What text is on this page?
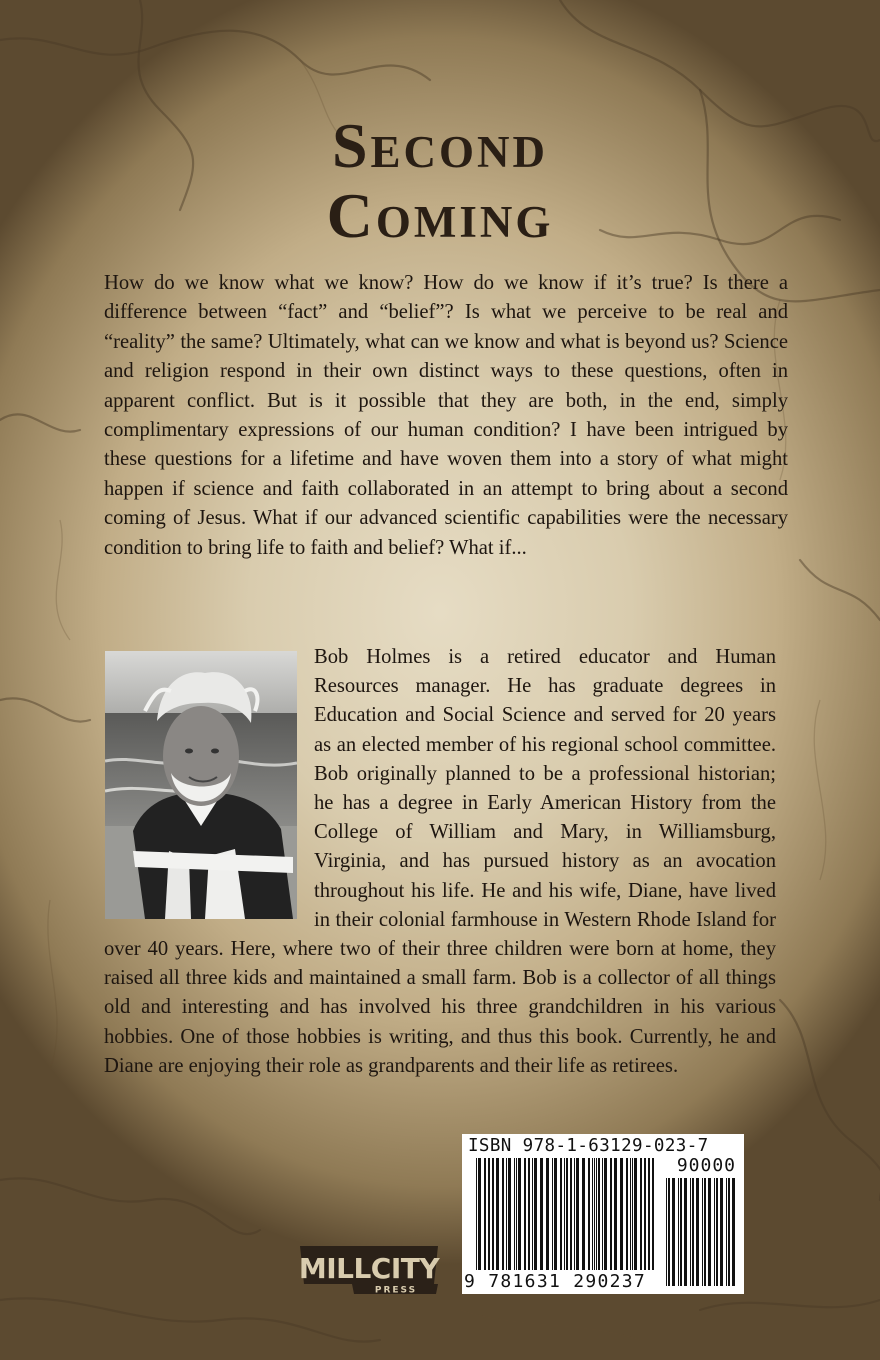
Second
Coming

How do we know what we know? How do we know if it’s true? Is there a difference between “fact” and “belief”? Is what we perceive to be real and “reality” the same? Ultimately, what can we know and what is beyond us? Science and religion respond in their own distinct ways to these questions, often in apparent conflict. But is it possible that they are both, in the end, simply complimentary expressions of our human condition? I have been intrigued by these questions for a lifetime and have woven them into a story of what might happen if science and faith collaborated in an attempt to bring about a second coming of Jesus. What if our advanced scientific capabilities were the necessary condition to bring life to faith and belief? What if...

Bob Holmes is a retired educator and Human Resources manager. He has graduate degrees in Education and Social Science and served for 20 years as an elected member of his regional school committee. Bob originally planned to be a professional historian; he has a degree in Early American History from the College of William and Mary, in Williamsburg, Virginia, and has pursued history as an avocation throughout his life. He and his wife, Diane, have lived in their colonial farmhouse in Western Rhode Island for over 40 years. Here, where two of their three children were born at home, they raised all three kids and maintained a small farm. Bob is a collector of all things old and interesting and has involved his three grandchildren in his various hobbies. One of those hobbies is writing, and thus this book. Currently, he and Diane are enjoying their role as grandparents and their life as retirees.

MILLCITY
PRESS
ISBN 978-1-63129-023-7
90000
9 781631 290237
